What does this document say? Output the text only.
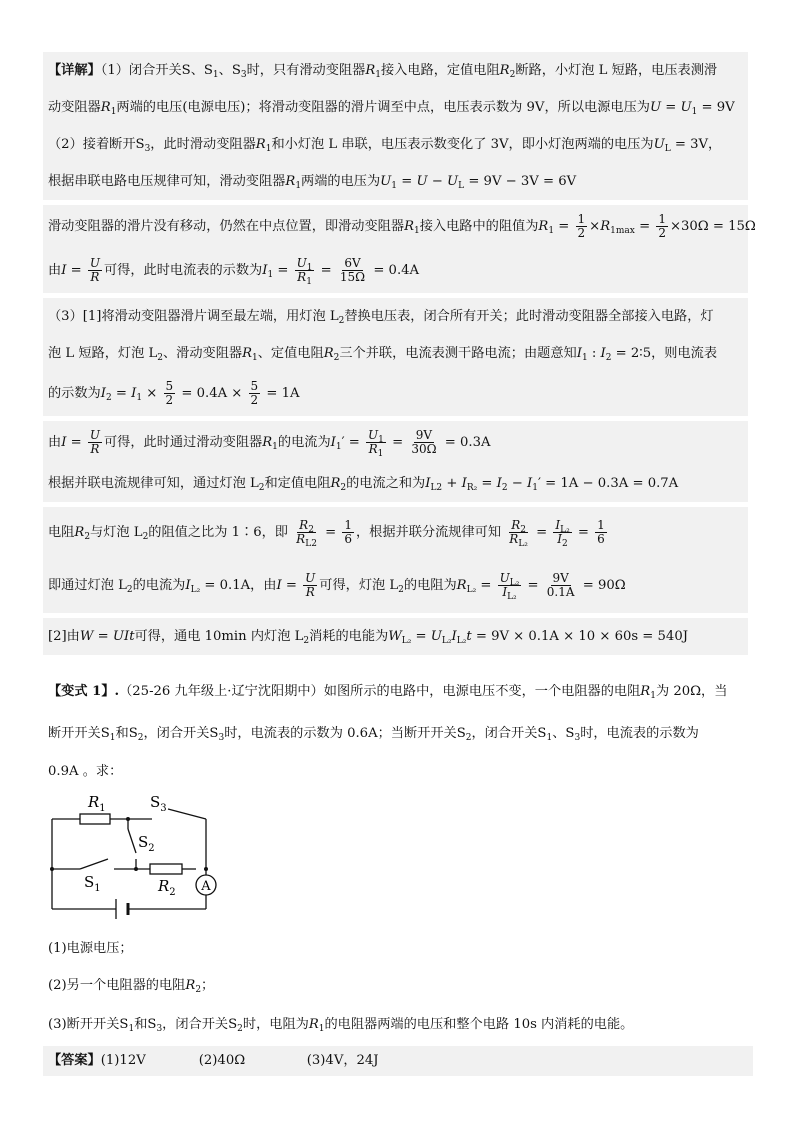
【详解】（1）闭合开关S、$S_1$、$S_3$时，只有滑动变阻器$R_1$接入电路，定值电阻$R_2$断路，小灯泡 L 短路，电压表测滑
动变阻器$R_1$两端的电压(电源电压)；将滑动变阻器的滑片调至中点，电压表示数为 9V，所以电源电压为$U = U_1 = 9V$
（2）接着断开$S_3$，此时滑动变阻器$R_1$和小灯泡 L 串联，电压表示数变化了 3V，即小灯泡两端的电压为$U_L = 3V$，
根据串联电路电压规律可知，滑动变阻器$R_1$两端的电压为$U_1 = U - U_L = 9V - 3V = 6V$
滑动变阻器的滑片没有移动，仍然在中点位置，即滑动变阻器$R_1$接入电路中的阻值为$R_1 = \frac{1}{2} \times R_{1max} = \frac{1}{2} \times 30\Omega = 15\Omega$
由$I = \frac{U}{R}$ 可得，此时电流表的示数为$I_1 = \frac{U_1}{R_1} = \frac{6V}{15\Omega} = 0.4A$
（3）[1]将滑动变阻器滑片调至最左端，用灯泡 $L_2$替换电压表，闭合所有开关；此时滑动变阻器全部接入电路，灯
泡 L 短路，灯泡 $L_2$、滑动变阻器$R_1$、定值电阻$R_2$三个并联，电流表测干路电流；由题意知$I_1$ : $I_2$ = 2∶5，则电流表
的示数为$I_2 = I_1 \times \frac{5}{2} = 0.4A \times \frac{5}{2} = 1A$
由$I = \frac{U}{R}$ 可得，此时通过滑动变阻器$R_1$的电流为$I_1' = \frac{U_1}{R_1} = \frac{9V}{30\Omega} = 0.3A$
根据并联电流规律可知，通过灯泡 $L_2$和定值电阻$R_2$的电流之和为$I_{L2} + I_{R_2} = I_2 - I_1' = 1A - 0.3A = 0.7A$
电阻$R_2$与灯泡 $L_2$的阻值之比为 1∶6，即 $\frac{R_2}{R_{L2}} = \frac{1}{6}$ ，根据并联分流规律可知 $\frac{R_2}{R_{L_2}} = \frac{I_{L_2}}{I_2} = \frac{1}{6}$
即通过灯泡 $L_2$的电流为$I_{L_2} = 0.1A$，由$I = \frac{U}{R}$ 可得，灯泡 $L_2$的电阻为$R_{L_2} = \frac{U_{L_2}}{I_{L_2}} = \frac{9V}{0.1A} = 90\Omega$
[2]由W = UIt可得，通电 10min 内灯泡 $L_2$消耗的电能为$W_{L_2} = U_{L_2}I_{L_2}t = 9V \times 0.1A \times 10 \times 60s = 540J$
【变式 1】.（25-26 九年级上·辽宁沈阳期中）如图所示的电路中，电源电压不变，一个电阻器的电阻$R_1$为 20Ω，当
断开开关$S_1$和$S_2$，闭合开关$S_3$时，电流表的示数为 0.6A；当断开开关$S_2$，闭合开关$S_1$、$S_3$时，电流表的示数为
0.9A 。求：
A
$R_1$
$R_2$
$S_3$
$S_2$
$S_1$
(1)电源电压；
(2)另一个电阻器的电阻$R_2$；
(3)断开开关$S_1$和$S_3$，闭合开关$S_2$时，电阻为$R_1$的电阻器两端的电压和整个电路 10s 内消耗的电能。
【答案】(1)12V	(2)40Ω	(3)4V，24J
